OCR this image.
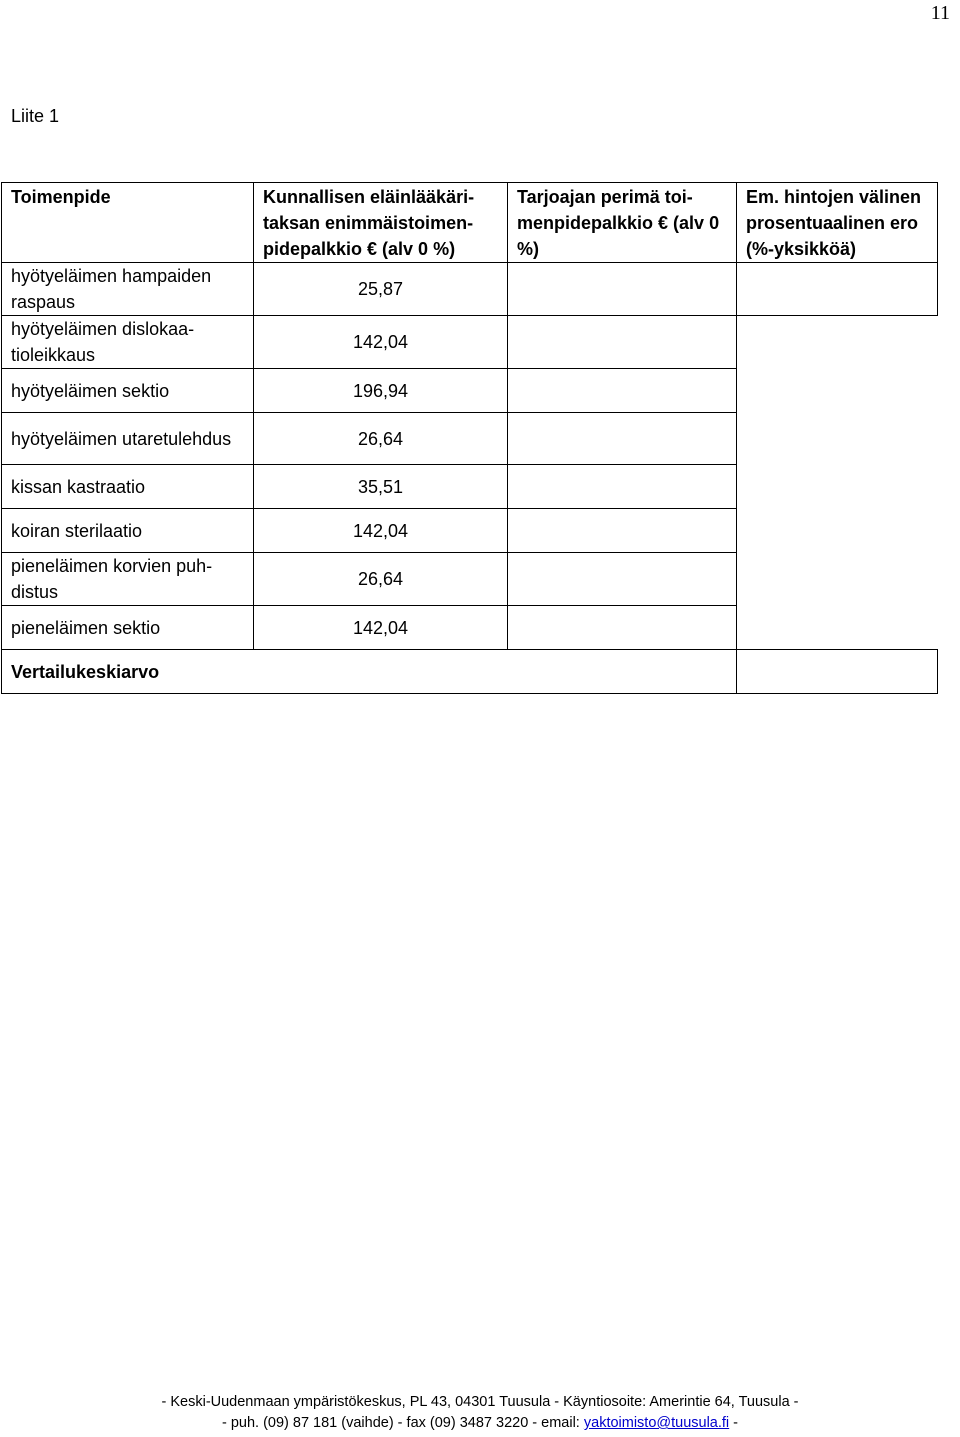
11
Liite 1
Toimenpide	Kunnallisen eläinlääkäritaksan enimmäistoimenpidepalkkio € (alv 0 %)	Tarjoajan perimä toimenpidepalkkio € (alv 0 %)	Em. hintojen välinen prosentuaalinen ero (%-yksikköä)
hyötyeläimen hampaiden raspaus	25,87		
hyötyeläimen dislokaatioleikkaus	142,04		
hyötyeläimen sektio	196,94		
hyötyeläimen utaretulehdus	26,64		
kissan kastraatio	35,51		
koiran sterilaatio	142,04		
pieneläimen korvien puhdistus	26,64		
pieneläimen sektio	142,04		
Vertailukeskiarvo			
- Keski-Uudenmaan ympäristökeskus, PL 43, 04301 Tuusula - Käyntiosoite: Amerintie 64, Tuusula -
- puh. (09) 87 181 (vaihde) - fax (09) 3487 3220 - email: yaktoimisto@tuusula.fi -
